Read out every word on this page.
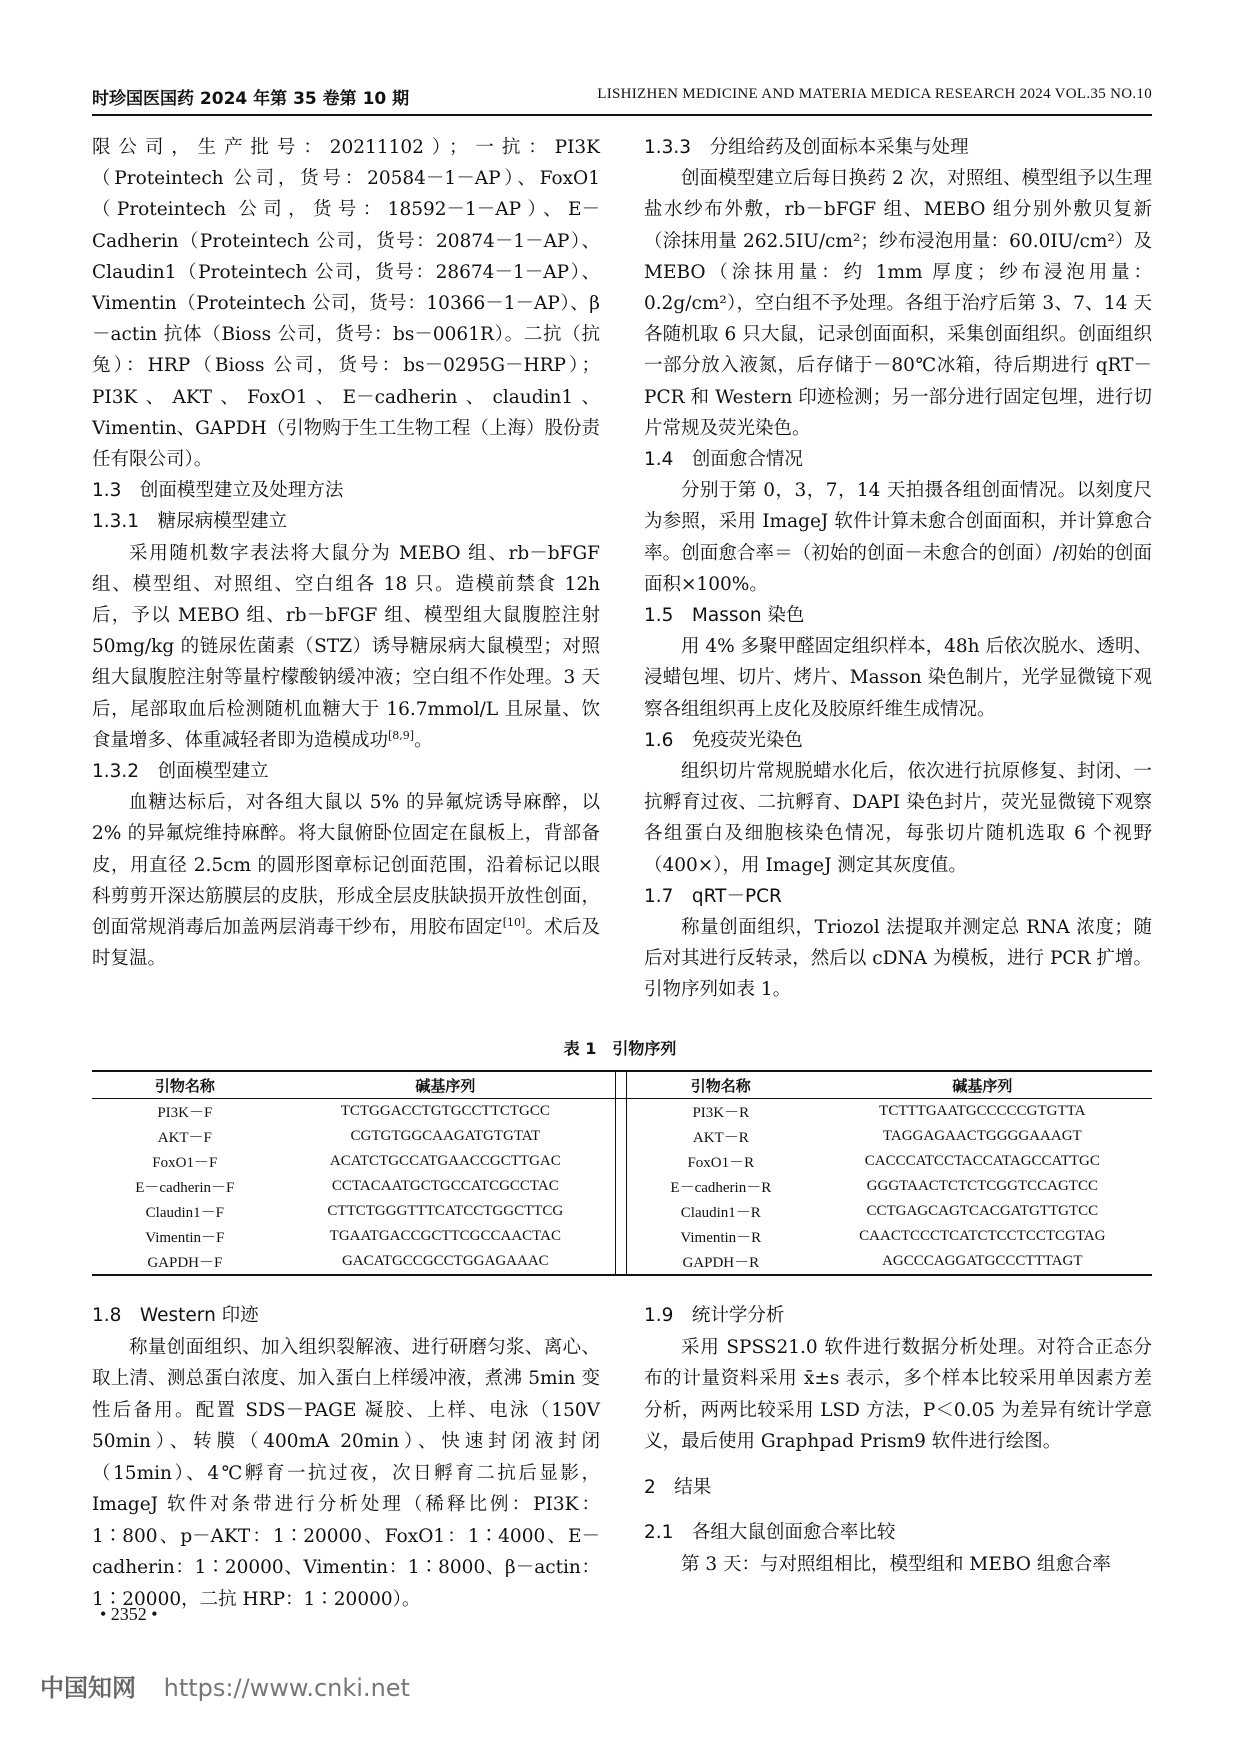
时珍国医国药 2024 年第 35 卷第 10 期	LISHIZHEN MEDICINE AND MATERIA MEDICA RESEARCH 2024 VOL.35 NO.10

限公司，生产批号：20211102）；一抗：PI3K（Proteintech 公司，货号：20584－1－AP）、FoxO1（Proteintech 公司，货号：18592－1－AP）、E－Cadherin（Proteintech 公司，货号：20874－1－AP）、Claudin1（Proteintech 公司，货号：28674－1－AP）、Vimentin（Proteintech 公司，货号：10366－1－AP）、β－actin 抗体（Bioss 公司，货号：bs－0061R）。二抗（抗兔）：HRP（Bioss 公司，货号：bs－0295G－HRP）；PI3K、AKT、FoxO1、E－cadherin、claudin1、Vimentin、GAPDH（引物购于生工生物工程（上海）股份责任有限公司）。

1.3　创面模型建立及处理方法

1.3.1　糖尿病模型建立

采用随机数字表法将大鼠分为 MEBO 组、rb－bFGF 组、模型组、对照组、空白组各 18 只。造模前禁食 12h 后，予以 MEBO 组、rb－bFGF 组、模型组大鼠腹腔注射 50mg/kg 的链尿佐菌素（STZ）诱导糖尿病大鼠模型；对照组大鼠腹腔注射等量柠檬酸钠缓冲液；空白组不作处理。3 天后，尾部取血后检测随机血糖大于 16.7mmol/L 且尿量、饮食量增多、体重减轻者即为造模成功[8,9]。

1.3.2　创面模型建立

血糖达标后，对各组大鼠以 5% 的异氟烷诱导麻醉，以 2% 的异氟烷维持麻醉。将大鼠俯卧位固定在鼠板上，背部备皮，用直径 2.5cm 的圆形图章标记创面范围，沿着标记以眼科剪剪开深达筋膜层的皮肤，形成全层皮肤缺损开放性创面，创面常规消毒后加盖两层消毒干纱布，用胶布固定[10]。术后及时复温。

1.3.3　分组给药及创面标本采集与处理

创面模型建立后每日换药 2 次，对照组、模型组予以生理盐水纱布外敷，rb－bFGF 组、MEBO 组分别外敷贝复新（涂抹用量 262.5IU/cm²；纱布浸泡用量：60.0IU/cm²）及 MEBO（涂抹用量：约 1mm 厚度；纱布浸泡用量：0.2g/cm²），空白组不予处理。各组于治疗后第 3、7、14 天各随机取 6 只大鼠，记录创面面积，采集创面组织。创面组织一部分放入液氮，后存储于－80℃冰箱，待后期进行 qRT－PCR 和 Western 印迹检测；另一部分进行固定包埋，进行切片常规及荧光染色。

1.4　创面愈合情况

分别于第 0，3，7，14 天拍摄各组创面情况。以刻度尺为参照，采用 ImageJ 软件计算未愈合创面面积，并计算愈合率。创面愈合率＝（初始的创面－未愈合的创面）/初始的创面面积×100%。

1.5　Masson 染色

用 4% 多聚甲醛固定组织样本，48h 后依次脱水、透明、浸蜡包埋、切片、烤片、Masson 染色制片，光学显微镜下观察各组组织再上皮化及胶原纤维生成情况。

1.6　免疫荧光染色

组织切片常规脱蜡水化后，依次进行抗原修复、封闭、一抗孵育过夜、二抗孵育、DAPI 染色封片，荧光显微镜下观察各组蛋白及细胞核染色情况，每张切片随机选取 6 个视野（400×），用 ImageJ 测定其灰度值。

1.7　qRT－PCR

称量创面组织，Triozol 法提取并测定总 RNA 浓度；随后对其进行反转录，然后以 cDNA 为模板，进行 PCR 扩增。引物序列如表 1。

表 1　引物序列
引物名称	碱基序列	引物名称	碱基序列
PI3K－F	TCTGGACCTGTGCCTTCTGCC	PI3K－R	TCTTTGAATGCCCCCGTGTTA
AKT－F	CGTGTGGCAAGATGTGTAT	AKT－R	TAGGAGAACTGGGGAAAGT
FoxO1－F	ACATCTGCCATGAACCGCTTGAC	FoxO1－R	CACCCATCCTACCATAGCCATTGC
E－cadherin－F	CCTACAATGCTGCCATCGCCTAC	E－cadherin－R	GGGTAACTCTCTCGGTCCAGTCC
Claudin1－F	CTTCTGGGTTTCATCCTGGCTTCG	Claudin1－R	CCTGAGCAGTCACGATGTTGTCC
Vimentin－F	TGAATGACCGCTTCGCCAACTAC	Vimentin－R	CAACTCCCTCATCTCCTCCTCGTAG
GAPDH－F	GACATGCCGCCTGGAGAAAC	GAPDH－R	AGCCCAGGATGCCCTTTAGT

1.8　Western 印迹

称量创面组织、加入组织裂解液、进行研磨匀浆、离心、取上清、测总蛋白浓度、加入蛋白上样缓冲液，煮沸 5min 变性后备用。配置 SDS－PAGE 凝胶、上样、电泳（150V 50min）、转膜（400mA 20min）、快速封闭液封闭（15min）、4℃孵育一抗过夜，次日孵育二抗后显影，ImageJ 软件对条带进行分析处理（稀释比例：PI3K：1∶800、p－AKT：1∶20000、FoxO1：1∶4000、E－cadherin：1∶20000、Vimentin：1∶8000、β－actin：1∶20000，二抗 HRP：1∶20000）。

1.9　统计学分析

采用 SPSS21.0 软件进行数据分析处理。对符合正态分布的计量资料采用 x̄±s 表示，多个样本比较采用单因素方差分析，两两比较采用 LSD 方法，P＜0.05 为差异有统计学意义，最后使用 Graphpad Prism9 软件进行绘图。

2　结果

2.1　各组大鼠创面愈合率比较

第 3 天：与对照组相比，模型组和 MEBO 组愈合率

• 2352 •
中国知网 https://www.cnki.net
